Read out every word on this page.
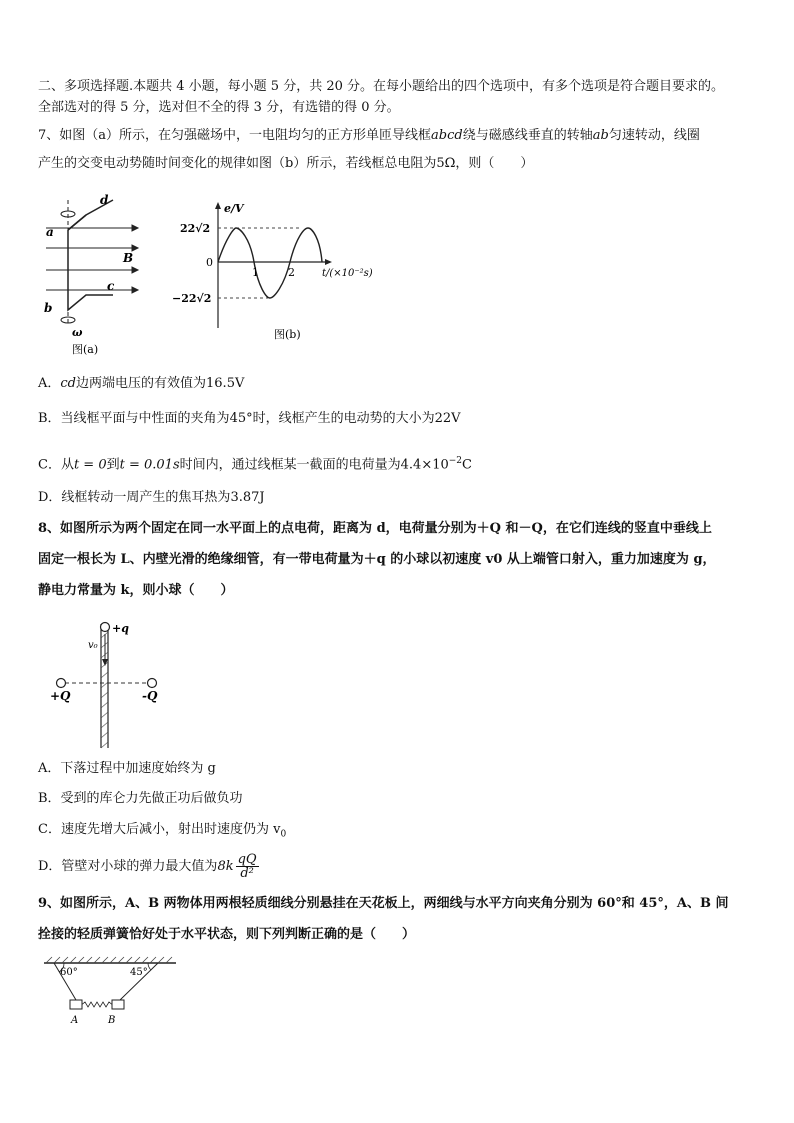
二、多项选择题.本题共 4 小题，每小题 5 分，共 20 分。在每小题给出的四个选项中，有多个选项是符合题目要求的。
全部选对的得 5 分，选对但不全的得 3 分，有选错的得 0 分。
7、如图（a）所示，在匀强磁场中，一电阻均匀的正方形单匝导线框abcd绕与磁感线垂直的转轴ab匀速转动，线圈
产生的交变电动势随时间变化的规律如图（b）所示，若线框总电阻为5Ω，则（　　）
d
a
B
c
b
ω
图(a)
e/V
22√2
0
−22√2
1	2	t/(×10⁻²s)
图(b)
A．cd边两端电压的有效值为16.5V
B．当线框平面与中性面的夹角为45°时，线框产生的电动势的大小为22V
C．从t = 0到t = 0.01s时间内，通过线框某一截面的电荷量为$4.4\times 10^{-2}C$
D．线框转动一周产生的焦耳热为3.87J
8、如图所示为两个固定在同一水平面上的点电荷，距离为 d，电荷量分别为＋Q 和－Q，在它们连线的竖直中垂线上
固定一根长为 L、内壁光滑的绝缘细管，有一带电荷量为＋q 的小球以初速度 v0 从上端管口射入，重力加速度为 g，
静电力常量为 k，则小球（　　）
+q
v₀
+Q	-Q
A．下落过程中加速度始终为 g
B．受到的库仑力先做正功后做负功
C．速度先增大后减小，射出时速度仍为 $v_0$
D．管壁对小球的弹力最大值为$8k \frac{qQ}{\text{d²}}$
9、如图所示，A、B 两物体用两根轻质细线分别悬挂在天花板上，两细线与水平方向夹角分别为 60°和 45°，A、B 间
拴接的轻质弹簧恰好处于水平状态，则下列判断正确的是（　　）
60°	45°
A	B
